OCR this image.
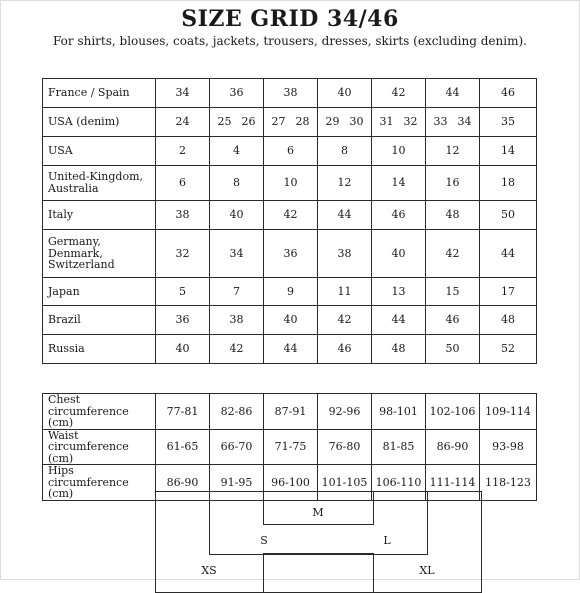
SIZE GRID 34/46
For shirts, blouses, coats, jackets, trousers, dresses, skirts (excluding denim).
France / Spain	34	36	38	40	42	44	46
USA (denim)	24	25 26	27 28	29 30	31 32	33 34	35
USA	2	4	6	8	10	12	14
United-Kingdom, Australia	6	8	10	12	14	16	18
Italy	38	40	42	44	46	48	50
Germany, Denmark, Switzerland	32	34	36	38	40	42	44
Japan	5	7	9	11	13	15	17
Brazil	36	38	40	42	44	46	48
Russia	40	42	44	46	48	50	52
Chest circumference (cm)	77-81	82-86	87-91	92-96	98-101	102-106	109-114
Waist circumference (cm)	61-65	66-70	71-75	76-80	81-85	86-90	93-98
Hips circumference (cm)	86-90	91-95	96-100	101-105	106-110	111-114	118-123
M
S	L
XS	XL
